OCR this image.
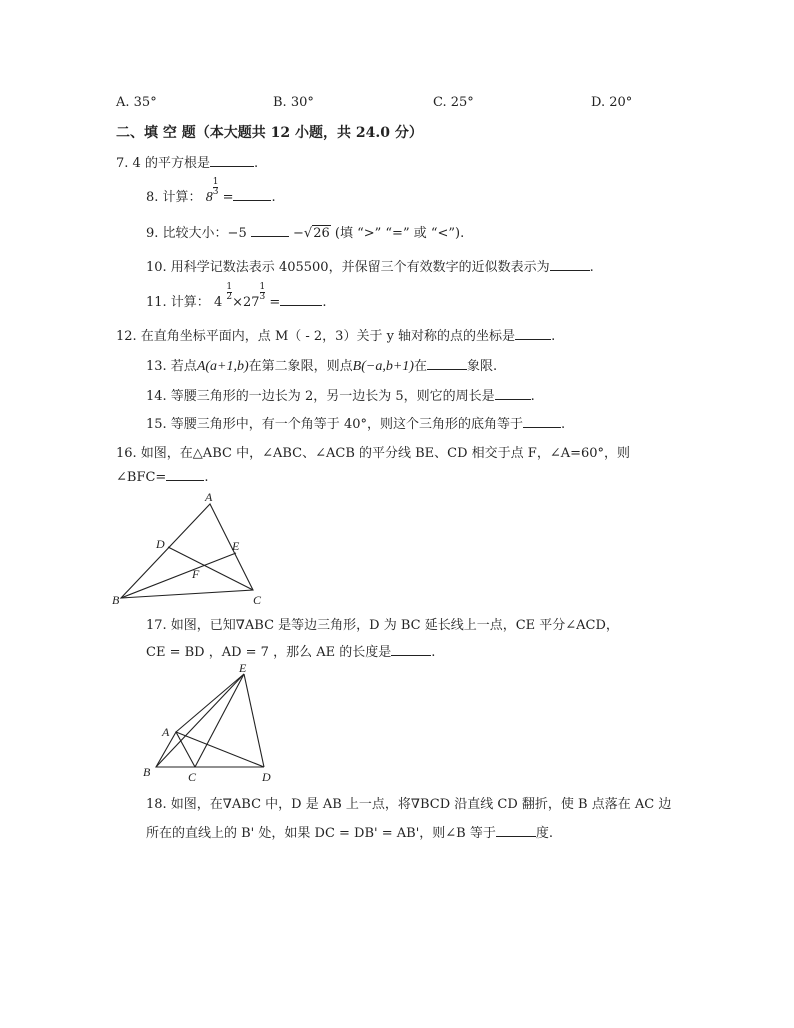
A. 35°	B. 30°	C. 25°	D. 20°
二、填 空 题（本大题共 12 小题，共 24.0 分）
7. 4 的平方根是	.
8. 计算： 8
$\frac{1}{3}$
=	.
9. 比较大小：−5	−√26 (填 “>” “=” 或 “<”).
10. 用科学记数法表示 405500，并保留三个有效数字的近似数表示为	.
11. 计算： 4
$\frac{1}{2}$
×27
$\frac{1}{3}$
=	.
12. 在直角坐标平面内，点 M（ - 2，3）关于 y 轴对称的点的坐标是	.
13. 若点A(a+1,b)在第二象限，则点B(−a,b+1)在	象限.
14. 等腰三角形的一边长为 2，另一边长为 5，则它的周长是	.
15. 等腰三角形中，有一个角等于 40°，则这个三角形的底角等于	.
16. 如图，在△ABC 中，∠ABC、∠ACB 的平分线 BE、CD 相交于点 F，∠A=60°，则
∠BFC=	.
A
B	C
D	E
F
17. 如图，已知∇ABC 是等边三角形，D 为 BC 延长线上一点，CE 平分∠ACD，
CE = BD ，AD = 7 ，那么 AE 的长度是	.
E
A
B	C	D
18. 如图，在∇ABC 中，D 是 AB 上一点，将∇BCD 沿直线 CD 翻折，使 B 点落在 AC 边
所在的直线上的 B' 处，如果 DC = DB' = AB'，则∠B 等于	度.
